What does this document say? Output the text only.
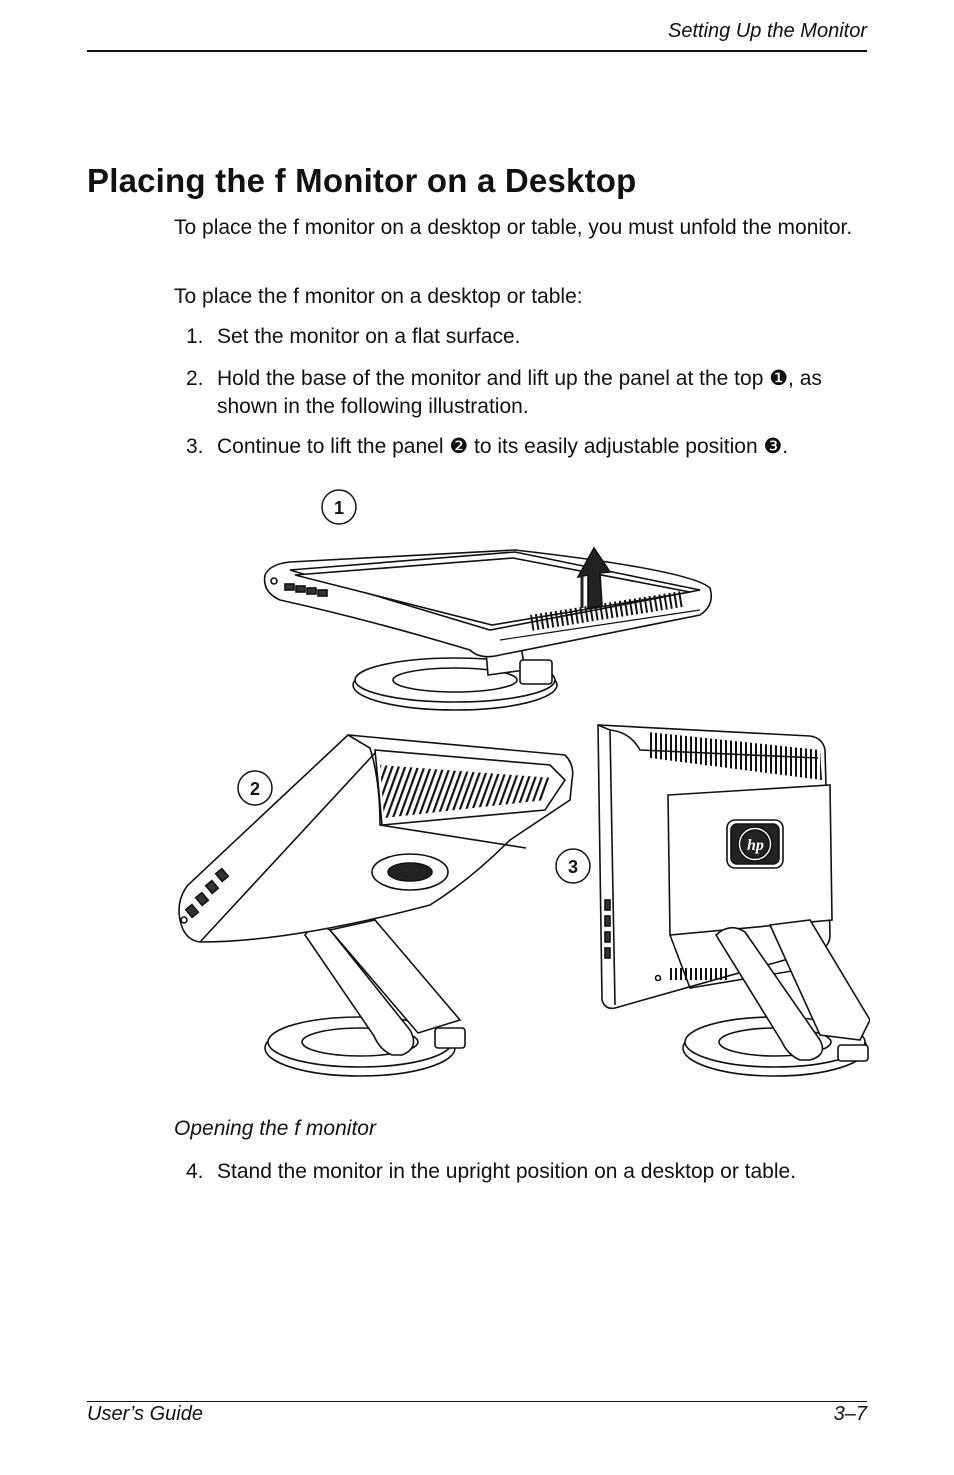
Setting Up the Monitor
Placing the f Monitor on a Desktop

To place the f monitor on a desktop or table, you must unfold the monitor.

To place the f monitor on a desktop or table:

1. Set the monitor on a flat surface.
2. Hold the base of the monitor and lift up the panel at the top ❶, as shown in the following illustration.
3. Continue to lift the panel ❷ to its easily adjustable position ❸.
hp
1
2
3
Opening the f monitor
4. Stand the monitor in the upright position on a desktop or table.
User’s Guide	3–7
